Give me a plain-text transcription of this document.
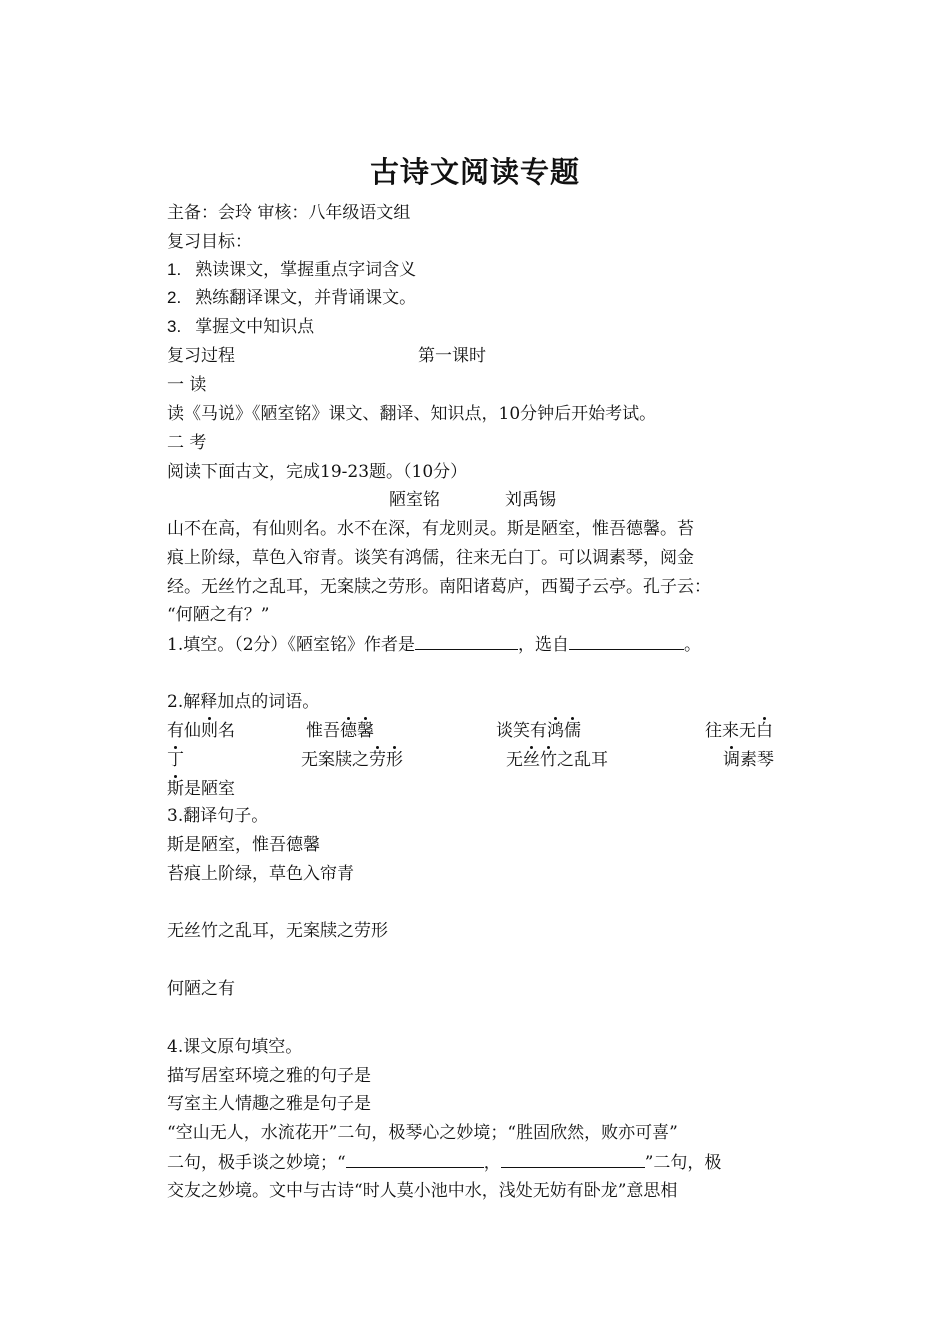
古诗文阅读专题
主备：会玲 审核：八年级语文组
复习目标：
1. 熟读课文，掌握重点字词含义
2. 熟练翻译课文，并背诵课文。
3. 掌握文中知识点
复习过程	第一课时
一 读
读《马说》《陋室铭》课文、翻译、知识点，10分钟后开始考试。
二 考
阅读下面古文，完成19-23题。（10分）
陋室铭	刘禹锡
山不在高，有仙则名。水不在深，有龙则灵。斯是陋室，惟吾德馨。苔
痕上阶绿，草色入帘青。谈笑有鸿儒，往来无白丁。可以调素琴，阅金
经。无丝竹之乱耳，无案牍之劳形。南阳诸葛庐，西蜀子云亭。孔子云：
“何陋之有？”
1.填空。（2分）《陋室铭》作者是	，选自	。
2.解释加点的词语。
有仙则名	惟吾德馨	谈笑有鸿儒	往来无白
丁	无案牍之劳形	无丝竹之乱耳	调素琴
斯是陋室
3.翻译句子。
斯是陋室，惟吾德馨
苔痕上阶绿，草色入帘青
无丝竹之乱耳，无案牍之劳形
何陋之有
4.课文原句填空。
描写居室环境之雅的句子是
写室主人情趣之雅是句子是
“空山无人，水流花开”二句，极琴心之妙境；“胜固欣然，败亦可喜”
二句，极手谈之妙境；“	，	”二句，极
交友之妙境。文中与古诗“时人莫小池中水，浅处无妨有卧龙”意思相
